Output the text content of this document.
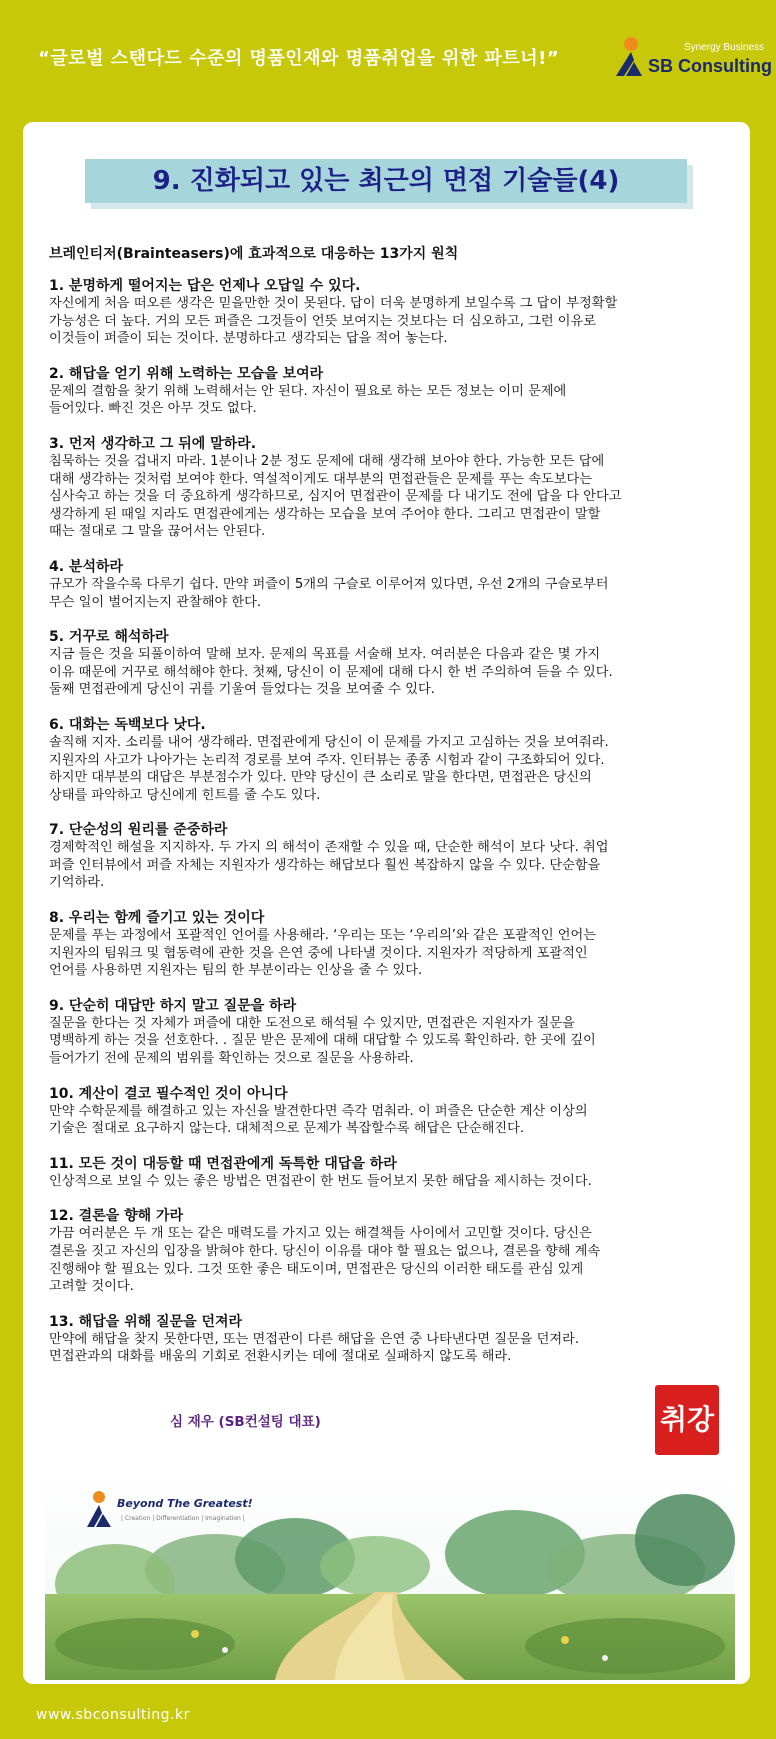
“글로벌 스탠다드 수준의 명품인재와 명품취업을 위한 파트너!”
Synergy Business
SB Consulting
9. 진화되고 있는 최근의 면접 기술들(4)

브레인티저(Brainteasers)에 효과적으로 대응하는 13가지 원칙

1. 분명하게 떨어지는 답은 언제나 오답일 수 있다.
자신에게 처음 떠오른 생각은 믿을만한 것이 못된다. 답이 더욱 분명하게 보일수록 그 답이 부정확할
가능성은 더 높다. 거의 모든 퍼즐은 그것들이 언뜻 보여지는 것보다는 더 심오하고, 그런 이유로
이것들이 퍼즐이 되는 것이다. 분명하다고 생각되는 답을 적어 놓는다.
2. 해답을 얻기 위해 노력하는 모습을 보여라
문제의 결함을 찾기 위해 노력해서는 안 된다. 자신이 필요로 하는 모든 정보는 이미 문제에
들어있다. 빠진 것은 아무 것도 없다.
3. 먼저 생각하고 그 뒤에 말하라.
침묵하는 것을 겁내지 마라. 1분이나 2분 정도 문제에 대해 생각해 보아야 한다. 가능한 모든 답에
대해 생각하는 것처럼 보여야 한다. 역설적이게도 대부분의 면접관들은 문제를 푸는 속도보다는
심사숙고 하는 것을 더 중요하게 생각하므로, 심지어 면접관이 문제를 다 내기도 전에 답을 다 안다고
생각하게 된 때일 지라도 면접관에게는 생각하는 모습을 보여 주어야 한다. 그리고 면접관이 말할
때는 절대로 그 말을 끊어서는 안된다.
4. 분석하라
규모가 작을수록 다루기 쉽다. 만약 퍼즐이 5개의 구슬로 이루어져 있다면, 우선 2개의 구슬로부터
무슨 일이 벌어지는지 관찰해야 한다.
5. 거꾸로 해석하라
지금 들은 것을 되풀이하여 말해 보자. 문제의 목표를 서술해 보자. 여러분은 다음과 같은 몇 가지
이유 때문에 거꾸로 해석해야 한다. 첫째, 당신이 이 문제에 대해 다시 한 번 주의하여 듣을 수 있다.
둘째 면접관에게 당신이 귀를 기울여 들었다는 것을 보여줄 수 있다.
6. 대화는 독백보다 낫다.
솔직해 지자. 소리를 내어 생각해라. 면접관에게 당신이 이 문제를 가지고 고심하는 것을 보여줘라.
지원자의 사고가 나아가는 논리적 경로를 보여 주자. 인터뷰는 종종 시험과 같이 구조화되어 있다.
하지만 대부분의 대답은 부분점수가 있다. 만약 당신이 큰 소리로 말을 한다면, 면접관은 당신의
상태를 파악하고 당신에게 힌트를 줄 수도 있다.
7. 단순성의 원리를 준중하라
경제학적인 해설을 지지하자. 두 가지 의 해석이 존재할 수 있을 때, 단순한 해석이 보다 낫다. 취업
퍼즐 인터뷰에서 퍼즐 자체는 지원자가 생각하는 해답보다 훨씬 복잡하지 않을 수 있다. 단순함을
기억하라.
8. 우리는 함께 즐기고 있는 것이다
문제를 푸는 과정에서 포괄적인 언어를 사용해라. ‘우리는 또는 ‘우리의’와 같은 포괄적인 언어는
지원자의 팀워크 및 협동력에 관한 것을 은연 중에 나타낼 것이다. 지원자가 적당하게 포괄적인
언어를 사용하면 지원자는 팀의 한 부분이라는 인상을 줄 수 있다.
9. 단순히 대답만 하지 말고 질문을 하라
질문을 한다는 것 자체가 퍼즐에 대한 도전으로 해석될 수 있지만, 면접관은 지원자가 질문을
명백하게 하는 것을 선호한다. . 질문 받은 문제에 대해 대답할 수 있도록 확인하라. 한 곳에 깊이
들어가기 전에 문제의 범위를 확인하는 것으로 질문을 사용하라.
10. 계산이 결코 필수적인 것이 아니다
만약 수학문제를 해결하고 있는 자신을 발견한다면 즉각 멈춰라. 이 퍼즐은 단순한 계산 이상의
기술은 절대로 요구하지 않는다. 대체적으로 문제가 복잡할수록 해답은 단순해진다.
11. 모든 것이 대등할 때 면접관에게 독특한 대답을 하라
인상적으로 보일 수 있는 좋은 방법은 면접관이 한 번도 들어보지 못한 해답을 제시하는 것이다.
12. 결론을 향해 가라
가끔 여러분은 두 개 또는 같은 매력도를 가지고 있는 해결책들 사이에서 고민할 것이다. 당신은
결론을 짓고 자신의 입장을 밝혀야 한다. 당신이 이유를 대야 할 필요는 없으나, 결론을 향해 계속
진행해야 할 필요는 있다. 그것 또한 좋은 태도이며, 면접관은 당신의 이러한 태도를 관심 있게
고려할 것이다.
13. 해답을 위해 질문을 던져라
만약에 해답을 찾지 못한다면, 또는 면접관이 다른 해답을 은연 중 나타낸다면 질문을 던져라.
면접관과의 대화를 배움의 기회로 전환시키는 데에 절대로 실패하지 않도록 해라.
심 재우 (SB컨설팅 대표)	취강
Beyond The Greatest!
| Creation | Differentiation | Imagination |
www.sbconsulting.kr
